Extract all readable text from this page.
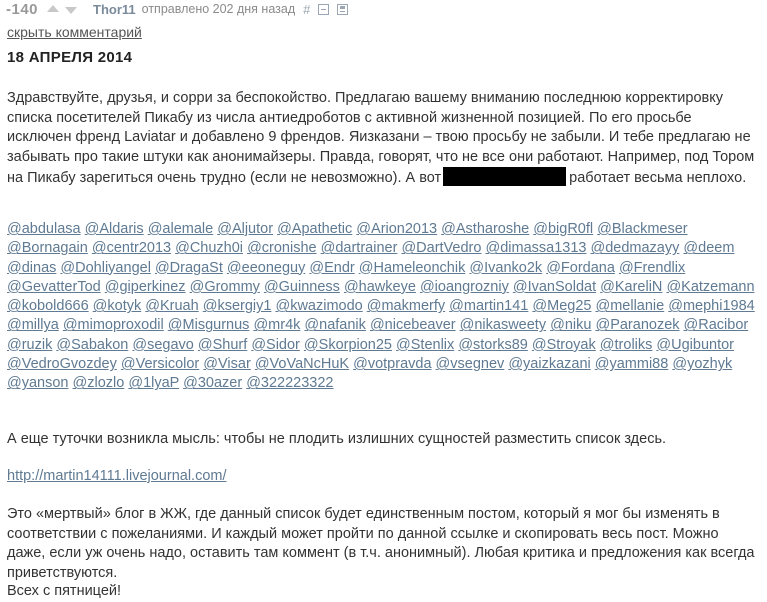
-140	Thor11 отправлено 202 дня назад #
скрыть комментарий
18 АПРЕЛЯ 2014
Здравствуйте, друзья, и сорри за беспокойство. Предлагаю вашему вниманию последнюю корректировку списка посетителей Пикабу из числа антиедроботов с активной жизненной позицией. По его просьбе исключен френд Laviatar и добавлено 9 френдов. Яизказани – твою просьбу не забыли. И тебе предлагаю не забывать про такие штуки как анонимайзеры. Правда, говорят, что не все они работают. Например, под Тором на Пикабу зарегиться очень трудно (если не невозможно). А вот	работает весьма неплохо.
@abdulasa @Aldaris @alemale @Aljutor @Apathetic @Arion2013 @Astharoshe @bigR0fl @Blackmeser @Bornagain @centr2013 @Chuzh0i @cronishe @dartrainer @DartVedro @dimassa1313 @dedmazayy @deem @dinas @Dohliyangel @DragaSt @eeoneguy @Endr @Hameleonchik @Ivanko2k @Fordana @Frendlix @GevatterTod @giperkinez @Grommy @Guinness @hawkeye @ioangrozniy @IvanSoldat @KareliN @Katzemann @kobold666 @kotyk @Kruah @ksergiy1 @kwazimodo @makmerfy @martin141 @Meg25 @mellanie @mephi1984 @millya @mimoproxodil @Misgurnus @mr4k @nafanik @nicebeaver @nikasweety @niku @Paranozek @Racibor @ruzik @Sabakon @segavo @Shurf @Sidor @Skorpion25 @Stenlix @storks89 @Stroyak @troliks @Ugibuntor @VedroGvozdey @Versicolor @Visar @VoVaNcHuK @votpravda @vsegnev @yaizkazani @yammi88 @yozhyk @yanson @zlozlo @1lyaP @30azer @322223322
А еще туточки возникла мысль: чтобы не плодить излишних сущностей разместить список здесь.
http://martin14111.livejournal.com/
Это «мертвый» блог в ЖЖ, где данный список будет единственным постом, который я мог бы изменять в соответствии с пожеланиями. И каждый может пройти по данной ссылке и скопировать весь пост. Можно даже, если уж очень надо, оставить там коммент (в т.ч. анонимный). Любая критика и предложения как всегда приветствуются.
Всех с пятницей!
